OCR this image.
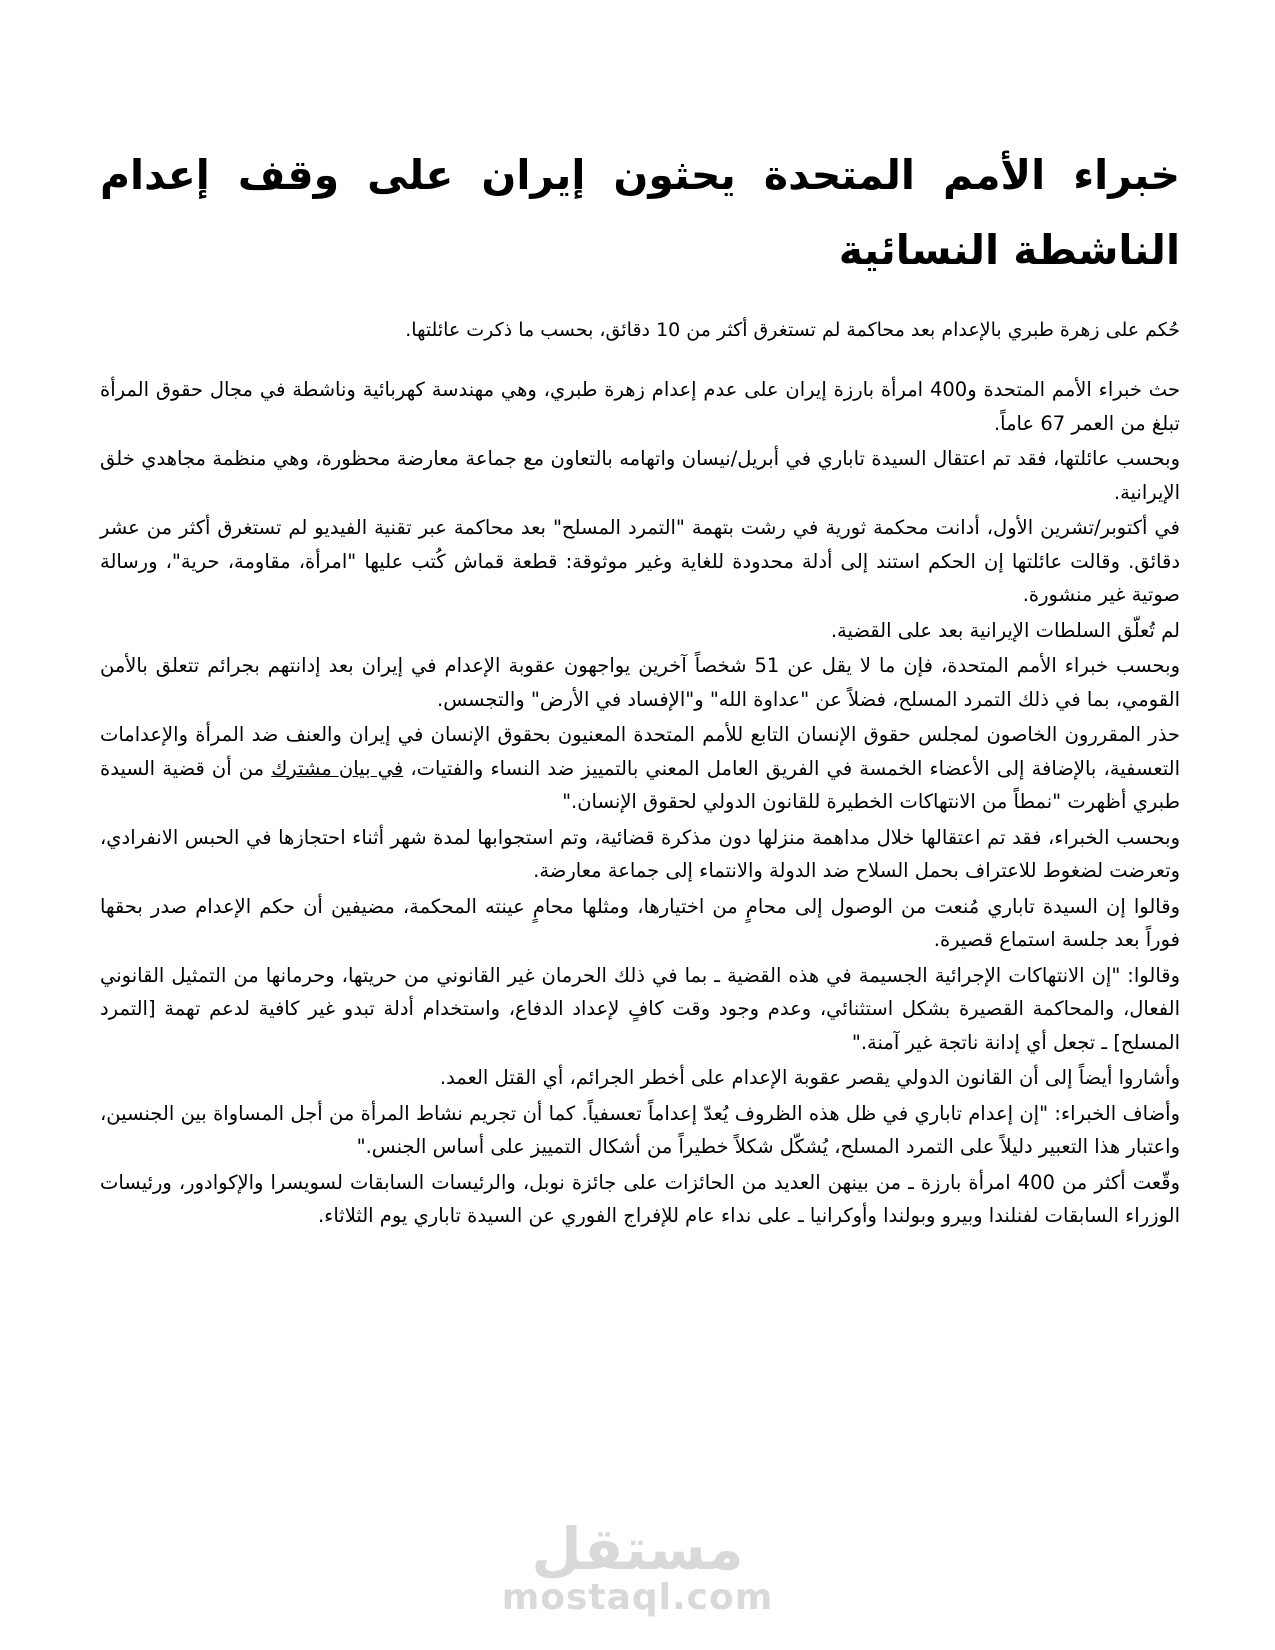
خبراء الأمم المتحدة يحثون إيران على وقف إعدام الناشطة النسائية

حُكم على زهرة طبري بالإعدام بعد محاكمة لم تستغرق أكثر من 10 دقائق، بحسب ما ذكرت عائلتها.

حث خبراء الأمم المتحدة و400 امرأة بارزة إيران على عدم إعدام زهرة طبري، وهي مهندسة كهربائية وناشطة في مجال حقوق المرأة تبلغ من العمر 67 عاماً.

وبحسب عائلتها، فقد تم اعتقال السيدة تاباري في أبريل/نيسان واتهامه بالتعاون مع جماعة معارضة محظورة، وهي منظمة مجاهدي خلق الإيرانية.

في أكتوبر/تشرين الأول، أدانت محكمة ثورية في رشت بتهمة "التمرد المسلح" بعد محاكمة عبر تقنية الفيديو لم تستغرق أكثر من عشر دقائق. وقالت عائلتها إن الحكم استند إلى أدلة محدودة للغاية وغير موثوقة: قطعة قماش كُتب عليها "امرأة، مقاومة، حرية"، ورسالة صوتية غير منشورة.

لم تُعلّق السلطات الإيرانية بعد على القضية.

وبحسب خبراء الأمم المتحدة، فإن ما لا يقل عن 51 شخصاً آخرين يواجهون عقوبة الإعدام في إيران بعد إدانتهم بجرائم تتعلق بالأمن القومي، بما في ذلك التمرد المسلح، فضلاً عن "عداوة الله" و"الإفساد في الأرض" والتجسس.

حذر المقررون الخاصون لمجلس حقوق الإنسان التابع للأمم المتحدة المعنيون بحقوق الإنسان في إيران والعنف ضد المرأة والإعدامات التعسفية، بالإضافة إلى الأعضاء الخمسة في الفريق العامل المعني بالتمييز ضد النساء والفتيات، في بيان مشترك من أن قضية السيدة طبري أظهرت "نمطاً من الانتهاكات الخطيرة للقانون الدولي لحقوق الإنسان."

وبحسب الخبراء، فقد تم اعتقالها خلال مداهمة منزلها دون مذكرة قضائية، وتم استجوابها لمدة شهر أثناء احتجازها في الحبس الانفرادي، وتعرضت لضغوط للاعتراف بحمل السلاح ضد الدولة والانتماء إلى جماعة معارضة.

وقالوا إن السيدة تاباري مُنعت من الوصول إلى محامٍ من اختيارها، ومثلها محامٍ عينته المحكمة، مضيفين أن حكم الإعدام صدر بحقها فوراً بعد جلسة استماع قصيرة.

وقالوا: "إن الانتهاكات الإجرائية الجسيمة في هذه القضية ـ بما في ذلك الحرمان غير القانوني من حريتها، وحرمانها من التمثيل القانوني الفعال، والمحاكمة القصيرة بشكل استثنائي، وعدم وجود وقت كافٍ لإعداد الدفاع، واستخدام أدلة تبدو غير كافية لدعم تهمة [التمرد المسلح] ـ تجعل أي إدانة ناتجة غير آمنة."

وأشاروا أيضاً إلى أن القانون الدولي يقصر عقوبة الإعدام على أخطر الجرائم، أي القتل العمد.

وأضاف الخبراء: "إن إعدام تاباري في ظل هذه الظروف يُعدّ إعداماً تعسفياً. كما أن تجريم نشاط المرأة من أجل المساواة بين الجنسين، واعتبار هذا التعبير دليلاً على التمرد المسلح، يُشكّل شكلاً خطيراً من أشكال التمييز على أساس الجنس."

وقّعت أكثر من 400 امرأة بارزة ـ من بينهن العديد من الحائزات على جائزة نوبل، والرئيسات السابقات لسويسرا والإكوادور، ورئيسات الوزراء السابقات لفنلندا وبيرو وبولندا وأوكرانيا ـ على نداء عام للإفراج الفوري عن السيدة تاباري يوم الثلاثاء.

مستقل
mostaql.com
